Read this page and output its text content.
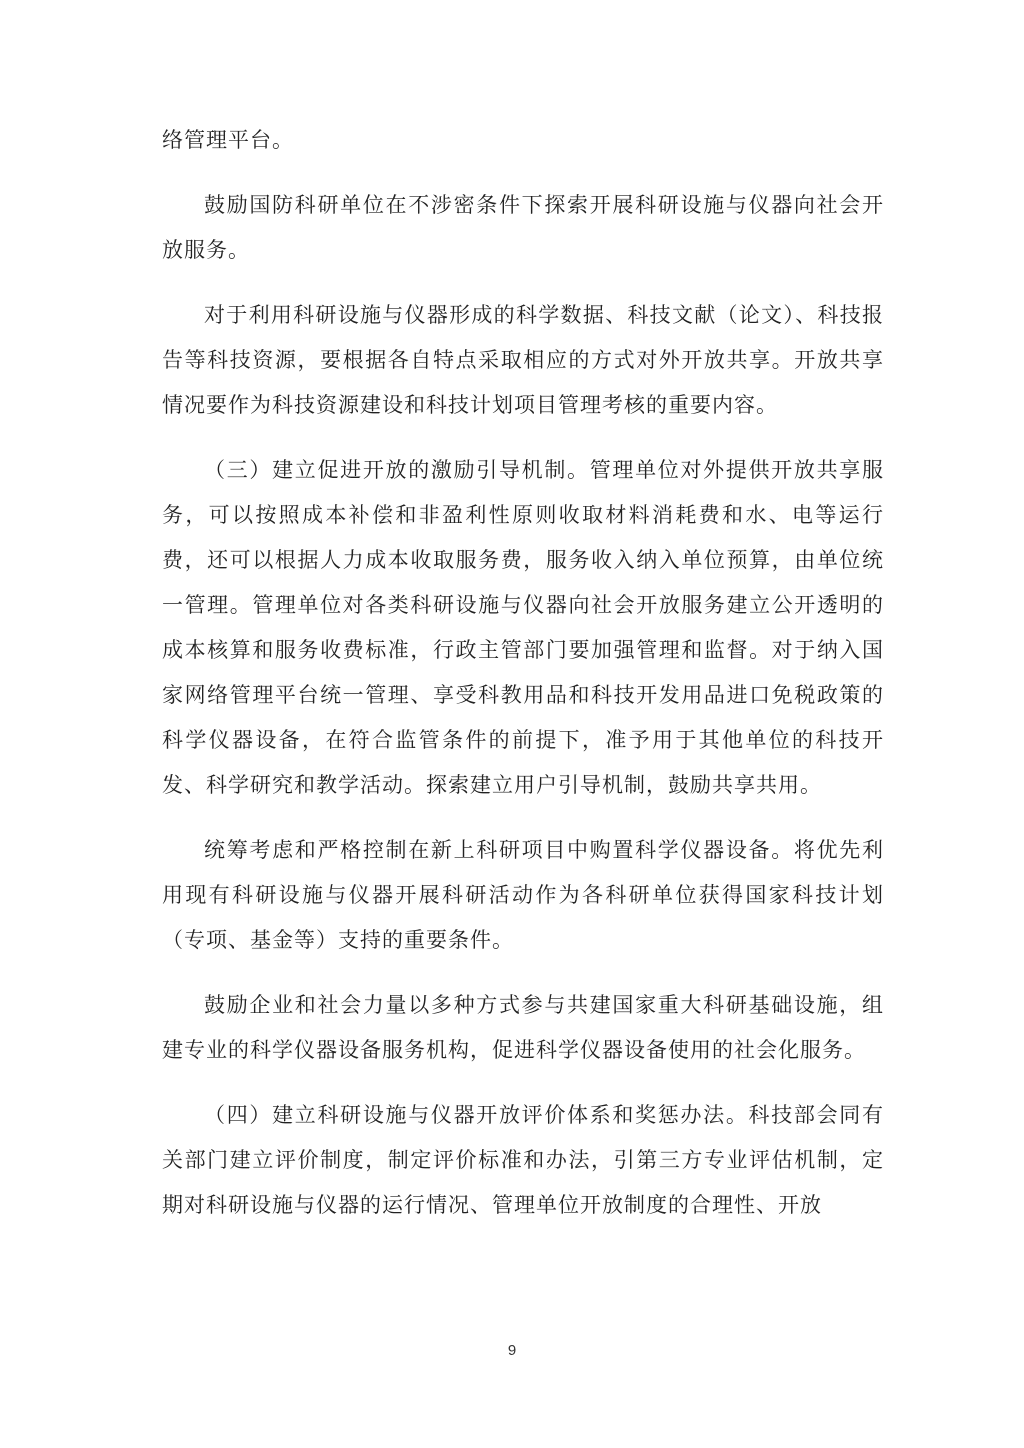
络管理平台。

鼓励国防科研单位在不涉密条件下探索开展科研设施与仪器向社会开放服务。

对于利用科研设施与仪器形成的科学数据、科技文献（论文）、科技报告等科技资源，要根据各自特点采取相应的方式对外开放共享。开放共享情况要作为科技资源建设和科技计划项目管理考核的重要内容。

（三）建立促进开放的激励引导机制。管理单位对外提供开放共享服务，可以按照成本补偿和非盈利性原则收取材料消耗费和水、电等运行费，还可以根据人力成本收取服务费，服务收入纳入单位预算，由单位统一管理。管理单位对各类科研设施与仪器向社会开放服务建立公开透明的成本核算和服务收费标准，行政主管部门要加强管理和监督。对于纳入国家网络管理平台统一管理、享受科教用品和科技开发用品进口免税政策的科学仪器设备，在符合监管条件的前提下，准予用于其他单位的科技开发、科学研究和教学活动。探索建立用户引导机制，鼓励共享共用。

统筹考虑和严格控制在新上科研项目中购置科学仪器设备。将优先利用现有科研设施与仪器开展科研活动作为各科研单位获得国家科技计划（专项、基金等）支持的重要条件。

鼓励企业和社会力量以多种方式参与共建国家重大科研基础设施，组建专业的科学仪器设备服务机构，促进科学仪器设备使用的社会化服务。

（四）建立科研设施与仪器开放评价体系和奖惩办法。科技部会同有关部门建立评价制度，制定评价标准和办法，引第三方专业评估机制，定期对科研设施与仪器的运行情况、管理单位开放制度的合理性、开放

9
